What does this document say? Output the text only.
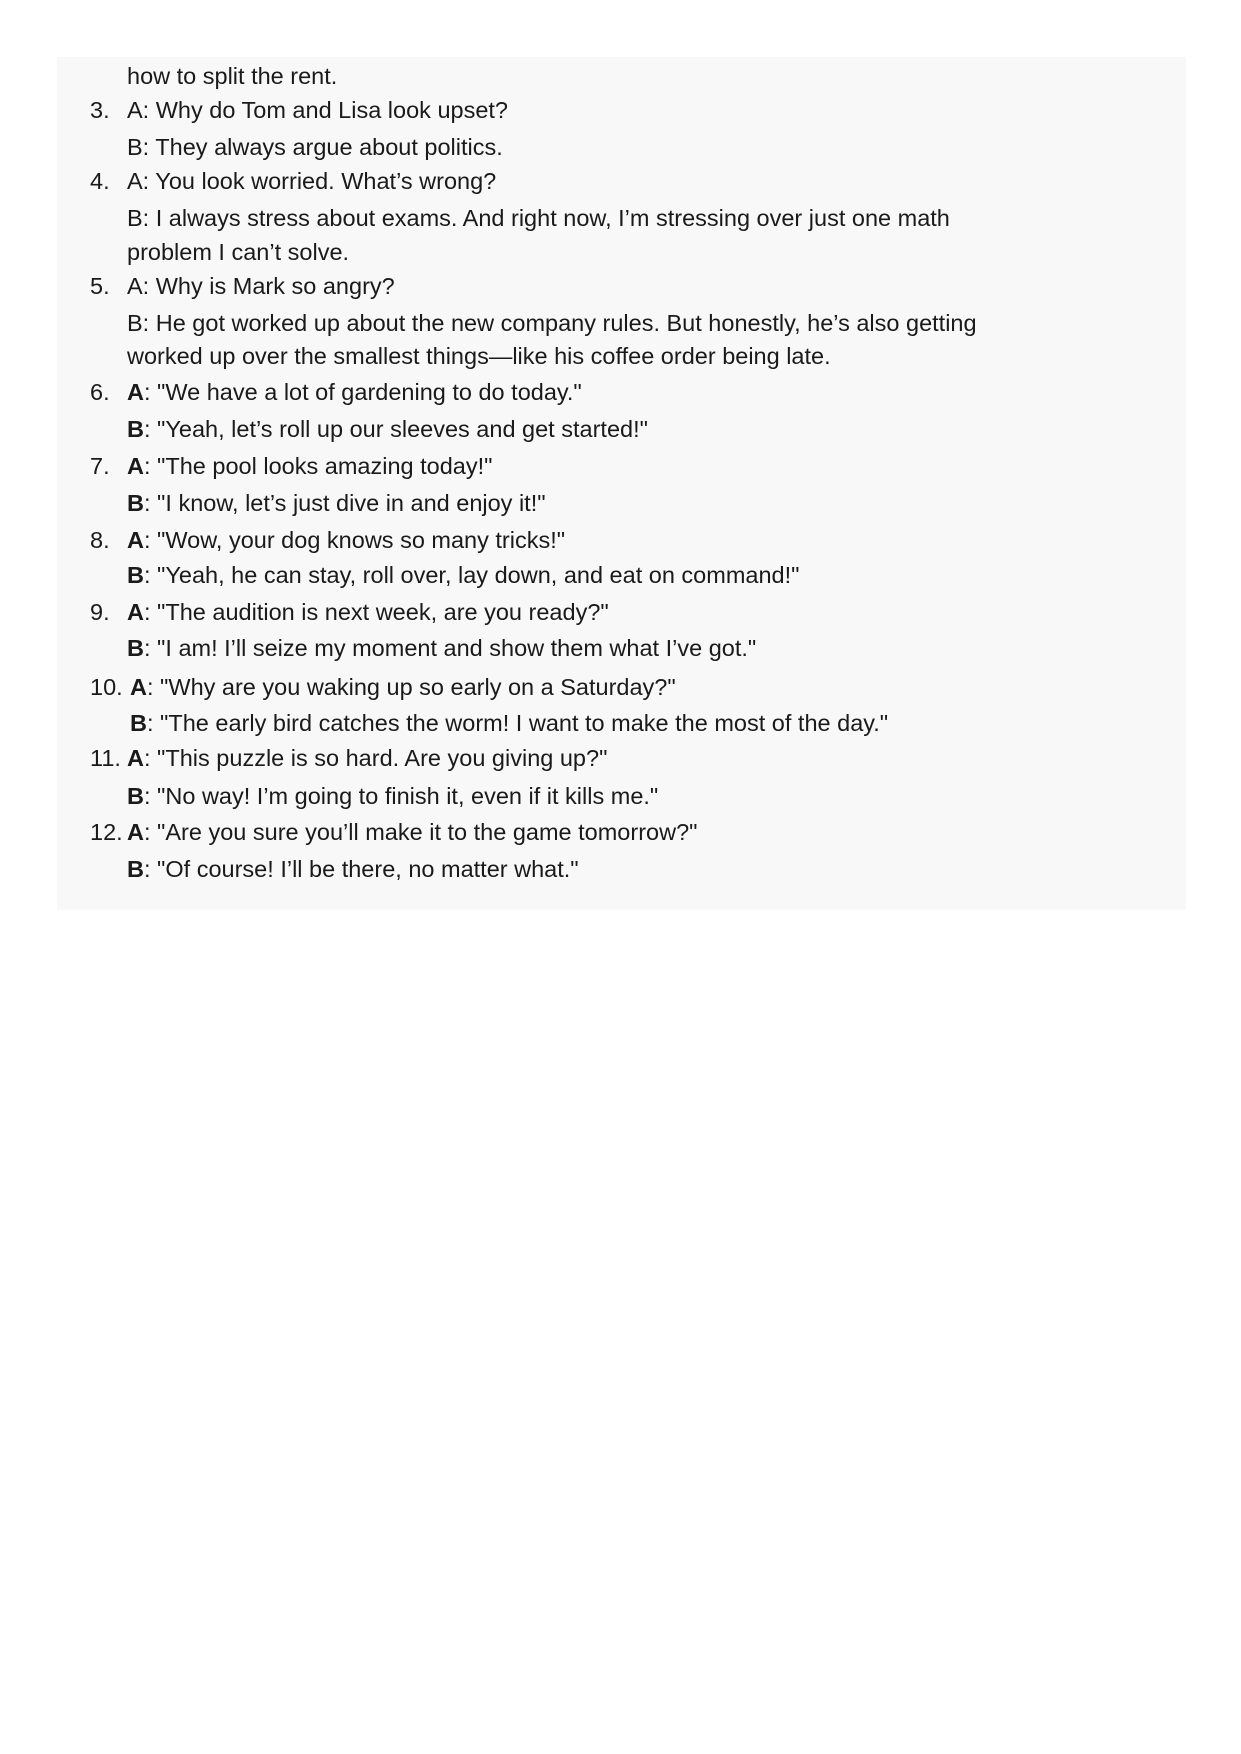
how to split the rent.
3. A: Why do Tom and Lisa look upset?
B: They always argue about politics.
4. A: You look worried. What’s wrong?
B: I always stress about exams. And right now, I’m stressing over just one math
problem I can’t solve.
5. A: Why is Mark so angry?
B: He got worked up about the new company rules. But honestly, he’s also getting
worked up over the smallest things—like his coffee order being late.
6. A: "We have a lot of gardening to do today."
B: "Yeah, let’s roll up our sleeves and get started!"
7. A: "The pool looks amazing today!"
B: "I know, let’s just dive in and enjoy it!"
8. A: "Wow, your dog knows so many tricks!"
B: "Yeah, he can stay, roll over, lay down, and eat on command!"
9. A: "The audition is next week, are you ready?"
B: "I am! I’ll seize my moment and show them what I’ve got."
10. A: "Why are you waking up so early on a Saturday?"
B: "The early bird catches the worm! I want to make the most of the day."
11. A: "This puzzle is so hard. Are you giving up?"
B: "No way! I’m going to finish it, even if it kills me."
12. A: "Are you sure you’ll make it to the game tomorrow?"
B: "Of course! I’ll be there, no matter what."
